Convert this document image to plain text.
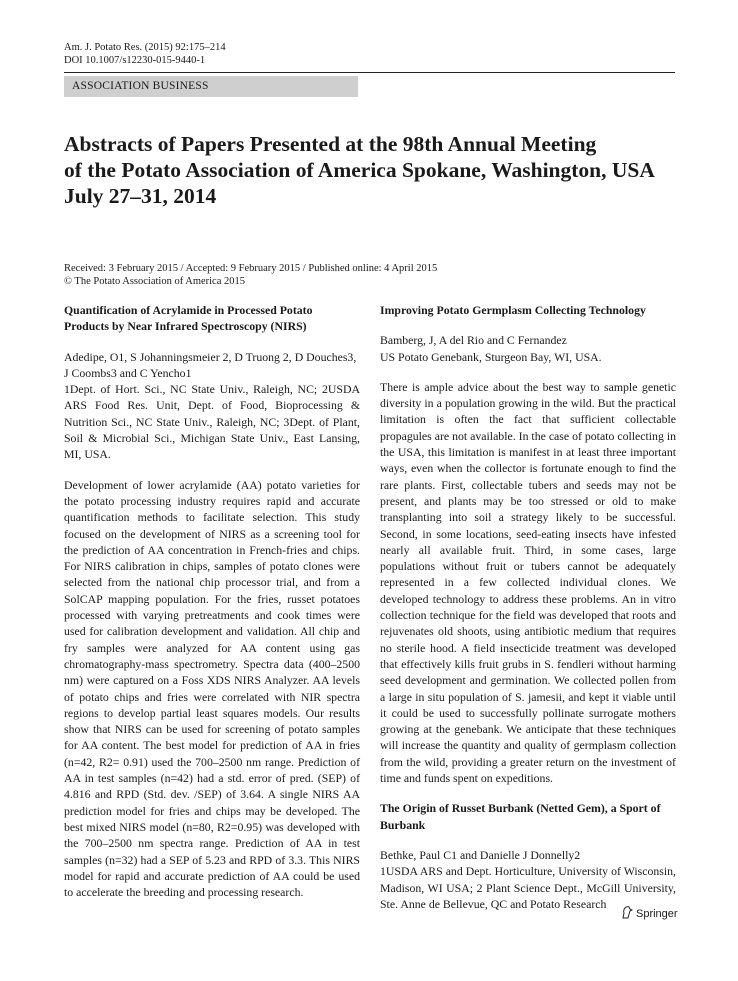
Am. J. Potato Res. (2015) 92:175–214
DOI 10.1007/s12230-015-9440-1
ASSOCIATION BUSINESS
Abstracts of Papers Presented at the 98th Annual Meeting
of the Potato Association of America Spokane, Washington, USA
July 27–31, 2014
Received: 3 February 2015 / Accepted: 9 February 2015 / Published online: 4 April 2015
© The Potato Association of America 2015
Quantification of Acrylamide in Processed Potato Products by Near Infrared Spectroscopy (NIRS)
Adedipe, O1, S Johanningsmeier 2, D Truong 2, D Douches3, J Coombs3 and C Yencho1
1Dept. of Hort. Sci., NC State Univ., Raleigh, NC; 2USDA ARS Food Res. Unit, Dept. of Food, Bioprocessing & Nutrition Sci., NC State Univ., Raleigh, NC; 3Dept. of Plant, Soil & Microbial Sci., Michigan State Univ., East Lansing, MI, USA.
Development of lower acrylamide (AA) potato varieties for the potato processing industry requires rapid and accurate quantification methods to facilitate selection. This study focused on the development of NIRS as a screening tool for the prediction of AA concentration in French-fries and chips. For NIRS calibration in chips, samples of potato clones were selected from the national chip processor trial, and from a SolCAP mapping population. For the fries, russet potatoes processed with varying pretreatments and cook times were used for calibration development and validation. All chip and fry samples were analyzed for AA content using gas chromatography-mass spectrometry. Spectra data (400–2500 nm) were captured on a Foss XDS NIRS Analyzer. AA levels of potato chips and fries were correlated with NIR spectra regions to develop partial least squares models. Our results show that NIRS can be used for screening of potato samples for AA content. The best model for prediction of AA in fries (n=42, R2= 0.91) used the 700–2500 nm range. Prediction of AA in test samples (n=42) had a std. error of pred. (SEP) of 4.816 and RPD (Std. dev. /SEP) of 3.64. A single NIRS AA prediction model for fries and chips may be developed. The best mixed NIRS model (n=80, R2=0.95) was developed with the 700–2500 nm spectra range. Prediction of AA in test samples (n=32) had a SEP of 5.23 and RPD of 3.3. This NIRS model for rapid and accurate prediction of AA could be used to accelerate the breeding and processing research.
Improving Potato Germplasm Collecting Technology
Bamberg, J, A del Rio and C Fernandez
US Potato Genebank, Sturgeon Bay, WI, USA.
There is ample advice about the best way to sample genetic diversity in a population growing in the wild. But the practical limitation is often the fact that sufficient collectable propagules are not available. In the case of potato collecting in the USA, this limitation is manifest in at least three important ways, even when the collector is fortunate enough to find the rare plants. First, collectable tubers and seeds may not be present, and plants may be too stressed or old to make transplanting into soil a strategy likely to be successful. Second, in some locations, seed-eating insects have infested nearly all available fruit. Third, in some cases, large populations without fruit or tubers cannot be adequately represented in a few collected individual clones. We developed technology to address these problems. An in vitro collection technique for the field was developed that roots and rejuvenates old shoots, using antibiotic medium that requires no sterile hood. A field insecticide treatment was developed that effectively kills fruit grubs in S. fendleri without harming seed development and germination. We collected pollen from a large in situ population of S. jamesii, and kept it viable until it could be used to successfully pollinate surrogate mothers growing at the genebank. We anticipate that these techniques will increase the quantity and quality of germplasm collection from the wild, providing a greater return on the investment of time and funds spent on expeditions.
The Origin of Russet Burbank (Netted Gem), a Sport of Burbank
Bethke, Paul C1 and Danielle J Donnelly2
1USDA ARS and Dept. Horticulture, University of Wisconsin, Madison, WI USA; 2 Plant Science Dept., McGill University, Ste. Anne de Bellevue, QC and Potato Research
Springer
